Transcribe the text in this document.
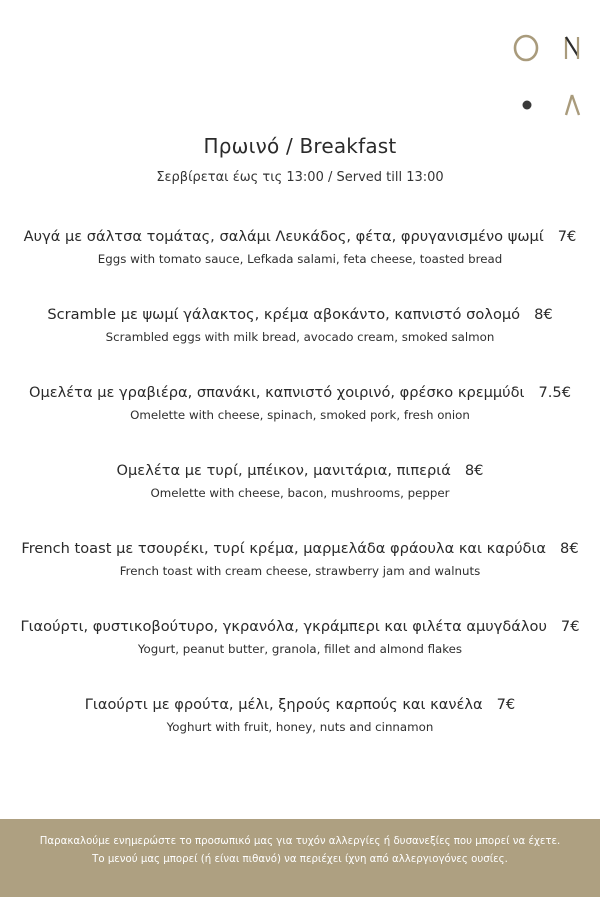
Πρωινό / Breakfast
Σερβίρεται έως τις 13:00 / Served till 13:00
Αυγά με σάλτσα τομάτας, σαλάμι Λευκάδος, φέτα, φρυγανισμένο ψωμί 7€
Eggs with tomato sauce, Lefkada salami, feta cheese, toasted bread
Scramble με ψωμί γάλακτος, κρέμα αβοκάντο, καπνιστό σολομό 8€
Scrambled eggs with milk bread, avocado cream, smoked salmon
Ομελέτα με γραβιέρα, σπανάκι, καπνιστό χοιρινό, φρέσκο κρεμμύδι 7.5€
Omelette with cheese, spinach, smoked pork, fresh onion
Ομελέτα με τυρί, μπέικον, μανιτάρια, πιπεριά 8€
Omelette with cheese, bacon, mushrooms, pepper
French toast με τσουρέκι, τυρί κρέμα, μαρμελάδα φράουλα και καρύδια 8€
French toast with cream cheese, strawberry jam and walnuts
Γιαούρτι, φυστικοβούτυρο, γκρανόλα, γκράμπερι και φιλέτα αμυγδάλου 7€
Yogurt, peanut butter, granola, fillet and almond flakes
Γιαούρτι με φρούτα, μέλι, ξηρούς καρπούς και κανέλα 7€
Yoghurt with fruit, honey, nuts and cinnamon
Παρακαλούμε ενημερώστε το προσωπικό μας για τυχόν αλλεργίες ή δυσανεξίες που μπορεί να έχετε.
Το μενού μας μπορεί (ή είναι πιθανό) να περιέχει ίχνη από αλλεργιογόνες ουσίες.
